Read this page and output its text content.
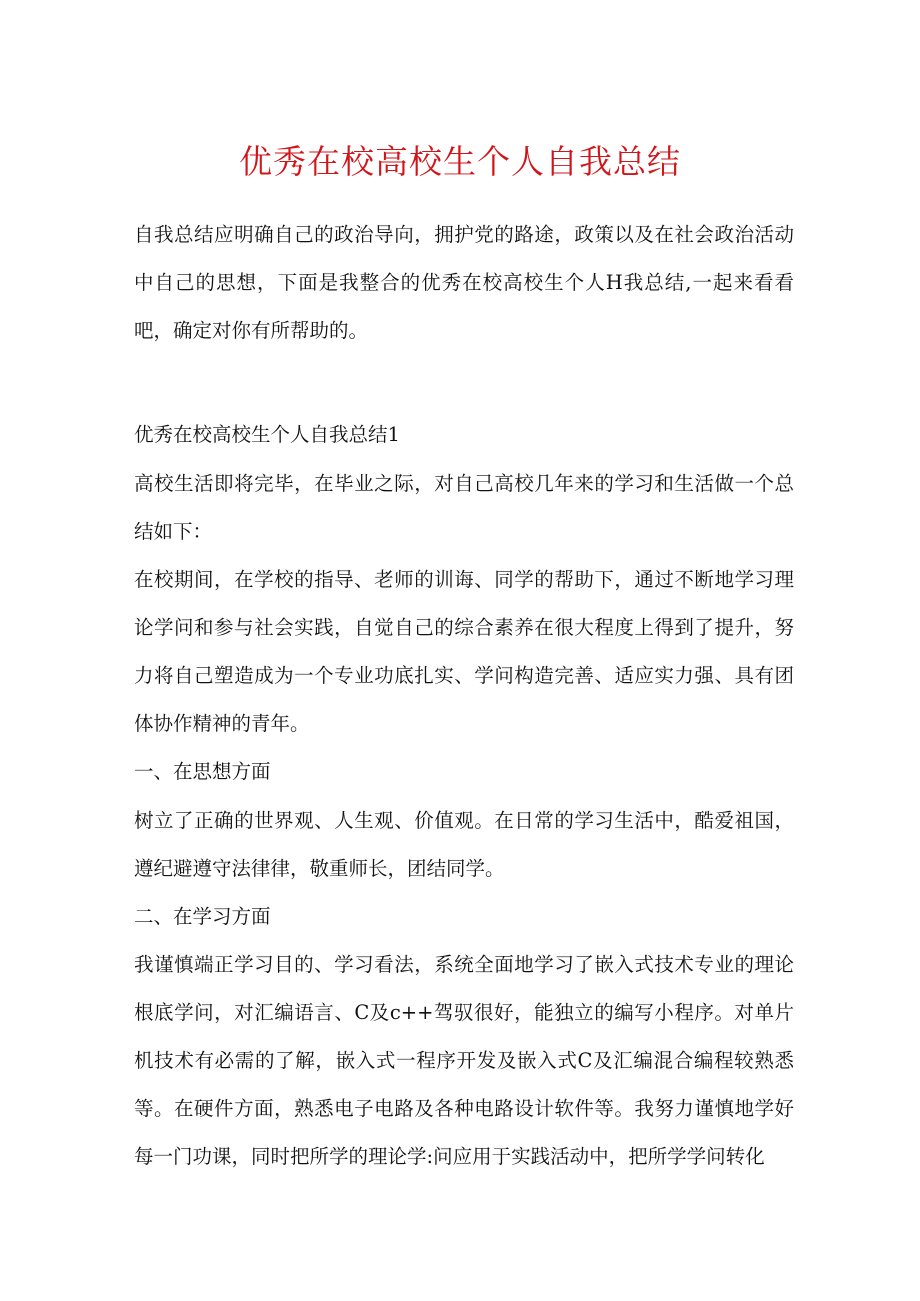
优秀在校高校生个人自我总结

自我总结应明确自己的政治导向，拥护党的路途，政策以及在社会政治活动中自己的思想，下面是我整合的优秀在校高校生个人H我总结,一起来看看吧，确定对你有所帮助的。

优秀在校高校生个人自我总结1

高校生活即将完毕，在毕业之际，对自己高校几年来的学习和生活做一个总结如下：

在校期间，在学校的指导、老师的训诲、同学的帮助下，通过不断地学习理论学问和参与社会实践，自觉自己的综合素养在很大程度上得到了提升，努力将自己塑造成为一个专业功底扎实、学问构造完善、适应实力强、具有团体协作精神的青年。

一、在思想方面

树立了正确的世界观、人生观、价值观。在日常的学习生活中，酷爱祖国，遵纪避遵守法律律，敬重师长，团结同学。

二、在学习方面

我谨慎端正学习目的、学习看法，系统全面地学习了嵌入式技术专业的理论根底学问，对汇编语言、C及c++驾驭很好，能独立的编写小程序。对单片机技术有必需的了解，嵌入式一程序开发及嵌入式C及汇编混合编程较熟悉等。在硬件方面，熟悉电子电路及各种电路设计软件等。我努力谨慎地学好每一门功课，同时把所学的理论学:问应用于实践活动中，把所学学问转化
